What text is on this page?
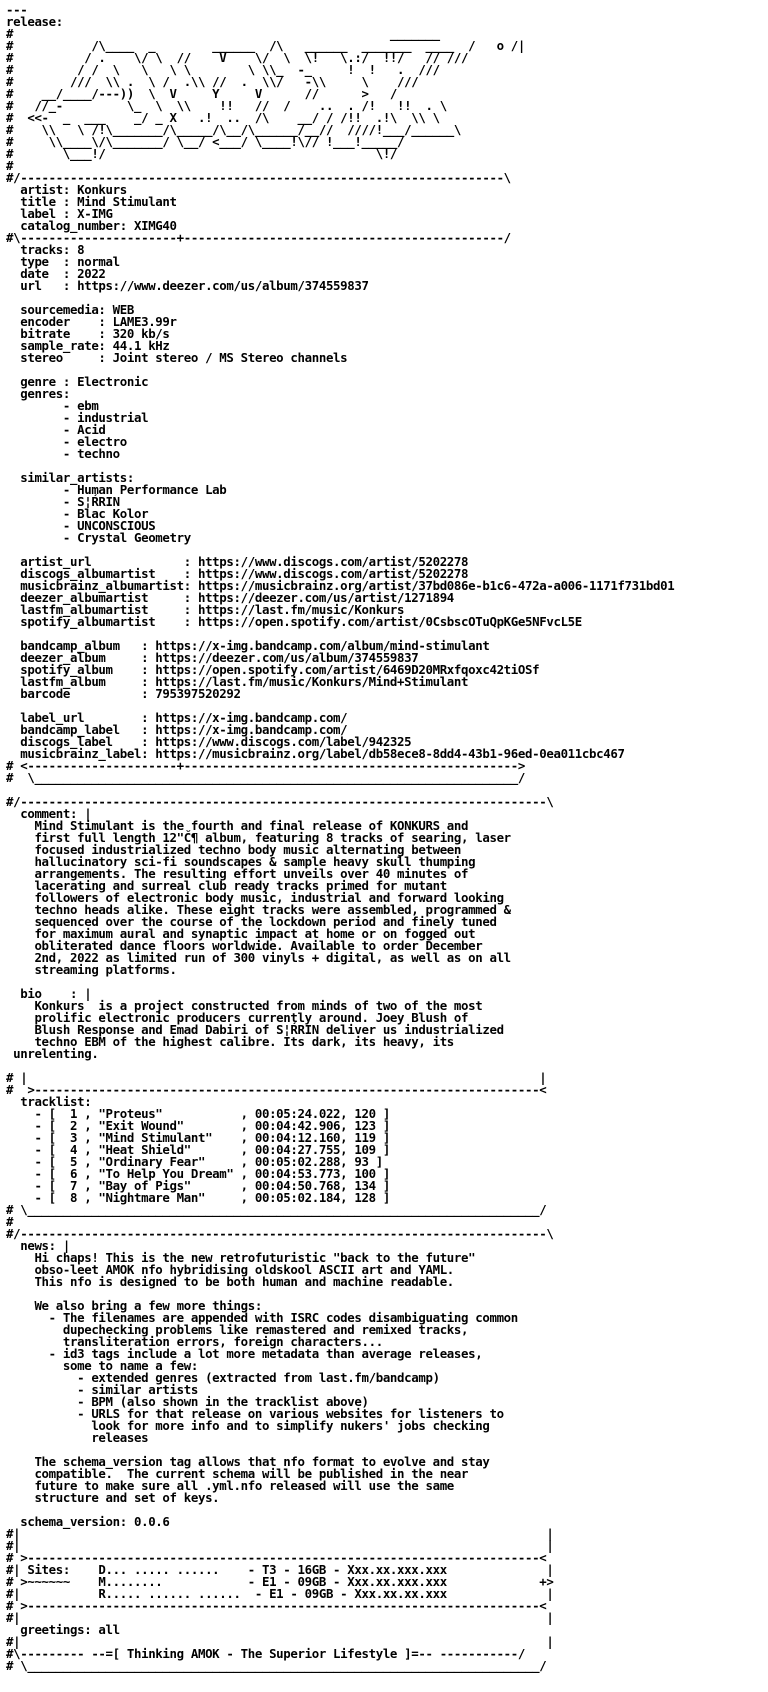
---
release:
#                                                     _______
#           /\____  _        ______  /\   ______  _______  ____  /   o /|
#          / .    \/ \  //    V    \/  \  \!   \.:/  !!/   // ///
#         / /  \   \   \ \        \ \\_  -_     !  !   .  ///
#        ///  \\ .  \ /  .\\ //  .  \\/   -\\     \    ///
#    __/____/---))  \  V     Y     V      //      >   /
#   //_-         \_  \  \\    !!   //  /    ..  . /!   !!  . \
#  <<-  _  ___    _/ _ X   .!  ..  /\    __/ / /!!  .!\  \\ \
#    \\   \ /!\_______/\_____/\__/\______/__//  ////!___/______\
#     \\____\/\_______/ \__/ <___/ \____!\// !___!_____/
#       \___!/                                      \!/
#
#/--------------------------------------------------------------------\
artist: Konkurs
title : Mind Stimulant
label : X-IMG
catalog_number: XIMG40
#\----------------------+---------------------------------------------/
tracks: 8
type  : normal
date  : 2022
url   : https://www.deezer.com/us/album/374559837

sourcemedia: WEB
encoder    : LAME3.99r
bitrate    : 320 kb/s
sample_rate: 44.1 kHz
stereo     : Joint stereo / MS Stereo channels

genre : Electronic
genres:
- ebm
- industrial
- Acid
- electro
- techno

similar_artists:
- Human Performance Lab
- S¦ŔRIN
- Blac Kolor
- UNCONSCIOUS
- Crystal Geometry

artist_url             : https://www.discogs.com/artist/5202278
discogs_albumartist    : https://www.discogs.com/artist/5202278
musicbrainz_albumartist: https://musicbrainz.org/artist/37bd086e-b1c6-472a-a006-1171f731bd01
deezer_albumartist     : https://deezer.com/us/artist/1271894
lastfm_albumartist     : https://last.fm/music/Konkurs
spotify_albumartist    : https://open.spotify.com/artist/0CsbscOTuQpKGe5NFvcL5E

bandcamp_album   : https://x-img.bandcamp.com/album/mind-stimulant
deezer_album     : https://deezer.com/us/album/374559837
spotify_album    : https://open.spotify.com/artist/6469D20MRxfqoxc42tiOSf
lastfm_album     : https://last.fm/music/Konkurs/Mind+Stimulant
barcode          : 795397520292

label_url        : https://x-img.bandcamp.com/
bandcamp_label   : https://x-img.bandcamp.com/
discogs_label    : https://www.discogs.com/label/942325
musicbrainz_label: https://musicbrainz.org/label/db58ece8-8dd4-43b1-96ed-0ea011cbc467
# <---------------------+----------------------------------------------->
#  \____________________________________________________________________/

#/--------------------------------------------------------------------------\
comment: |
Mind Stimulant is the fourth and final release of KONKURS and
first full length 12"Č¶ album, featuring 8 tracks of searing, laser
focused industrialized techno body music alternating between
hallucinatory sci-fi soundscapes & sample heavy skull thumping
arrangements. The resulting effort unveils over 40 minutes of
lacerating and surreal club ready tracks primed for mutant
followers of electronic body music, industrial and forward looking
techno heads alike. These eight tracks were assembled, programmed &
sequenced over the course of the lockdown period and finely tuned
for maximum aural and synaptic impact at home or on fogged out
obliterated dance floors worldwide. Available to order December
2nd, 2022 as limited run of 300 vinyls + digital, as well as on all
streaming platforms.

bio    : |
Konkurs  is a project constructed from minds of two of the most
prolific electronic producers currently around. Joey Blush of
Blush Response and Emad Dabiri of S¦ŔRIN deliver us industrialized
techno EBM of the highest calibre. Its dark, its heavy, its
unrelenting.

# |                                                                        |
#  >-----------------------------------------------------------------------<
tracklist:
- [  1 , "Proteus"           , 00:05:24.022, 120 ]
- [  2 , "Exit Wound"        , 00:04:42.906, 123 ]
- [  3 , "Mind Stimulant"    , 00:04:12.160, 119 ]
- [  4 , "Heat Shield"       , 00:04:27.755, 109 ]
- [  5 , "Ordinary Fear"     , 00:05:02.288, 93 ]
- [  6 , "To Help You Dream" , 00:04:53.773, 100 ]
- [  7 , "Bay of Pigs"       , 00:04:50.768, 134 ]
- [  8 , "Nightmare Man"     , 00:05:02.184, 128 ]
# \________________________________________________________________________/
#
#/--------------------------------------------------------------------------\
news: |
Hi chaps! This is the new retrofuturistic "back to the future"
obso-leet AMOK nfo hybridising oldskool ASCII art and YAML.
This nfo is designed to be both human and machine readable.

We also bring a few more things:
- The filenames are appended with ISRC codes disambiguating common
dupechecking problems like remastered and remixed tracks,
transliteration errors, foreign characters...
- id3 tags include a lot more metadata than average releases,
some to name a few:
- extended genres (extracted from last.fm/bandcamp)
- similar artists
- BPM (also shown in the tracklist above)
- URLS for that release on various websites for listeners to
look for more info and to simplify nukers' jobs checking
releases

The schema_version tag allows that nfo format to evolve and stay
compatible.  The current schema will be published in the near
future to make sure all .yml.nfo released will use the same
structure and set of keys.

schema_version: 0.0.6
#|                                                                          |
#|                                                                          |
# >------------------------------------------------------------------------<
#| Sites:    D... ..... ......    - T3 - 16GB - Xxx.xx.xxx.xxx              |
# >~~~~~~    M........            - E1 - 09GB - Xxx.xx.xxx.xxx             +>
#|           R..... ...... ......  - E1 - 09GB - Xxx.xx.xx.xxx              |
# >------------------------------------------------------------------------<
#|                                                                          |
greetings: all
#|                                                                          |
#\--------- --=[ Thinking AMOK - The Superior Lifestyle ]=-- -----------/
# \________________________________________________________________________/
